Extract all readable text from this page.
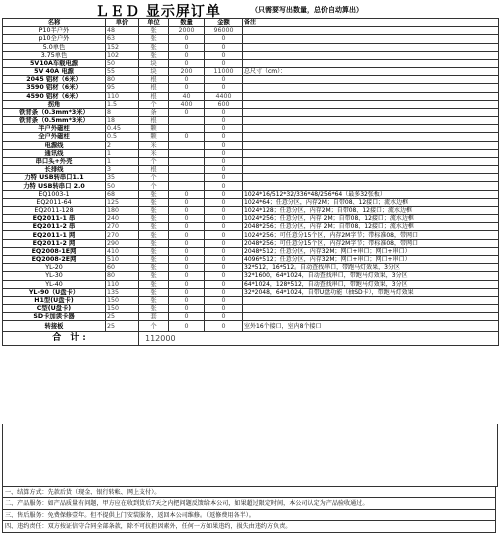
ＬＥＤ 显示屏订单	（只需要写出数量，总价自动算出）
名称	单价	单位	数量	金额	备注
P10半户外	48	张	2000	96000	
p10全户外	63	张	0	0	
5.0单色	152	张	0	0	
3.75单色	102	张	0	0	
5V10A车载电源	50	块	0	0	
5V 40A 电源	55	块	200	11000	总尺寸（cm）：
2045 铝材（6米）	80	根	0	0	
3590 铝材（6米）	95	根	0	0	
4590 铝材（6米）	110	根	40	4400	
拐角	1.5	个	400	600	
铁背条（0.3mm*3米）	8	条	0	0	
铁背条（0.5mm*3米）	18	根		0	
半户外磁柱	0.45	颗		0	
全户外磁柱	0.5	颗	0	0	
电源线	2	米		0	
通讯线	1	米		0	
串口头+外壳	1	个		0	
长排线	3	根		0	
力特 USB转串口1.1	35	个		0	
力特 USB转串口 2.0	50	个		0	
EQ1003-1	68	张	0	0	1024*16/512*32/336*48/256*64（最多32张板）
EQ2011-64	125	张	0	0	1024*64；任意分区，内存2M；自带08、12接口；流水边框
EQ2011-128	180	张	0	0	1024*128；任意分区，内存2M；自带08、12接口；流水边框
EQ2011-1 串	240	张	0	0	1024*256；任意分区，内存 2M；自带08、12接口；流水边框
EQ2011-2 串	270	张	0	0	2048*256；任意分区，内存 2M；自带08、12接口；流水边框
EQ2011-1 网	270	张	0	0	1024*256；可任意分15个区，内存2M字节；带标准08，带网口
EQ2011-2 网	290	张	0	0	2048*256；可任意分15个区，内存2M字节；带标准08，带网口
EQ2008-1E网	410	张	0	0	2048*512；任意分区，内存32M；网口+串口；网口+串口）
EQ2008-2E网	510	张	0	0	4096*512；任意分区，内存32M；网口+串口；网口+串口）
YL-20	60	张	0	0	32*512，16*512。自动查找串口，带跑马灯效果，3分区
YL-30	80	张	0	0	32*1600，64*1024，自动查找串口，带跑马灯效果，3分区
YL-40	110	张	0	0	64*1024，128*512，自动查找串口，带跑马灯效果，3分区
YL-90（U盘卡）	135	张	0	0	32*2048，64*1024，自带U盘功能（抽SD卡），带跑马灯效果
H1型(U盘卡)	150	张	0	0	
C型(U盘卡)	150	张	0	0	
SD卡加读卡器	25	套	0	0	
转接板	25	个	0	0	室外16个接口，室内8个接口
合 计:		112000			
一、结算方式：先款后货（现金、银行转帐、网上支付）。
二、产品服务：如产品质量有问题，甲方应在收到货后7天之内把问题反馈给本公司，如果超过限定时间，本公司认定为产品验收通过。
三、售后服务：免费保修壹年。但不提供上门安装服务，返回本公司维修。（返修费用各半）。
四、违约责任：双方按证信守合同全部条款，除不可抗拒因素外，任何一方如果违约，损失由违约方负责。
